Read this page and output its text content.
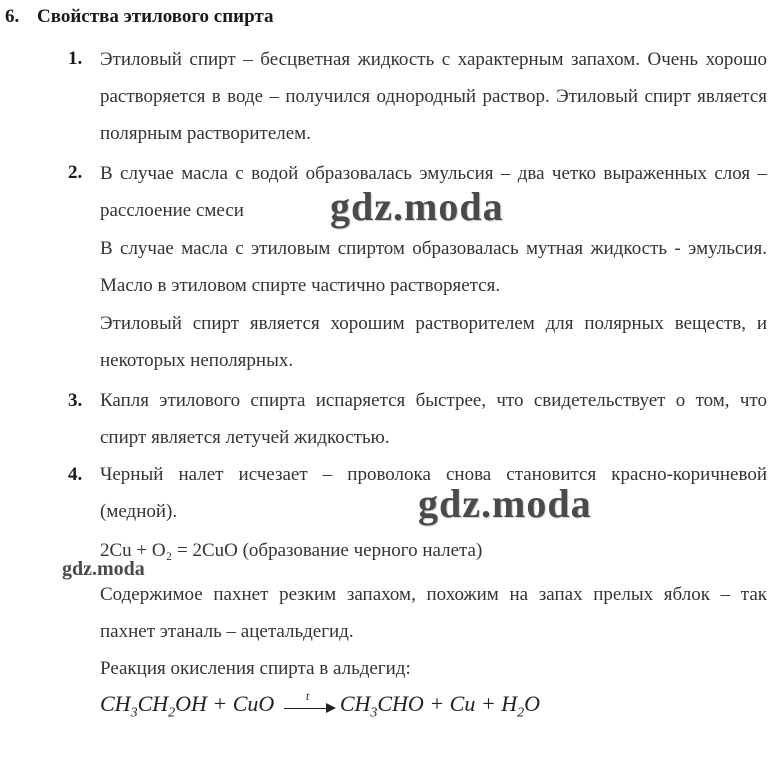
6. Свойства этилового спирта
1. Этиловый спирт – бесцветная жидкость с характерным запахом. Очень хорошо растворяется в воде – получился однородный раствор. Этиловый спирт является полярным растворителем.
2. В случае масла с водой образовалась эмульсия – два четко выраженных слоя – расслоение смеси
В случае масла с этиловым спиртом образовалась мутная жидкость - эмульсия. Масло в этиловом спирте частично растворяется.
Этиловый спирт является хорошим растворителем для полярных веществ, и некоторых неполярных.
3. Капля этилового спирта испаряется быстрее, что свидетельствует о том, что спирт является летучей жидкостью.
4. Черный налет исчезает – проволока снова становится красно-коричневой (медной).
2Cu + O₂ = 2CuO (образование черного налета)
Содержимое пахнет резким запахом, похожим на запах прелых яблок – так пахнет этаналь – ацетальдегид.
Реакция окисления спирта в альдегид:
$CH_3CH_2OH$ + CuO	t $CH_3CHO + Cu + H_2O$
gdz.moda
gdz.moda
gdz.moda
